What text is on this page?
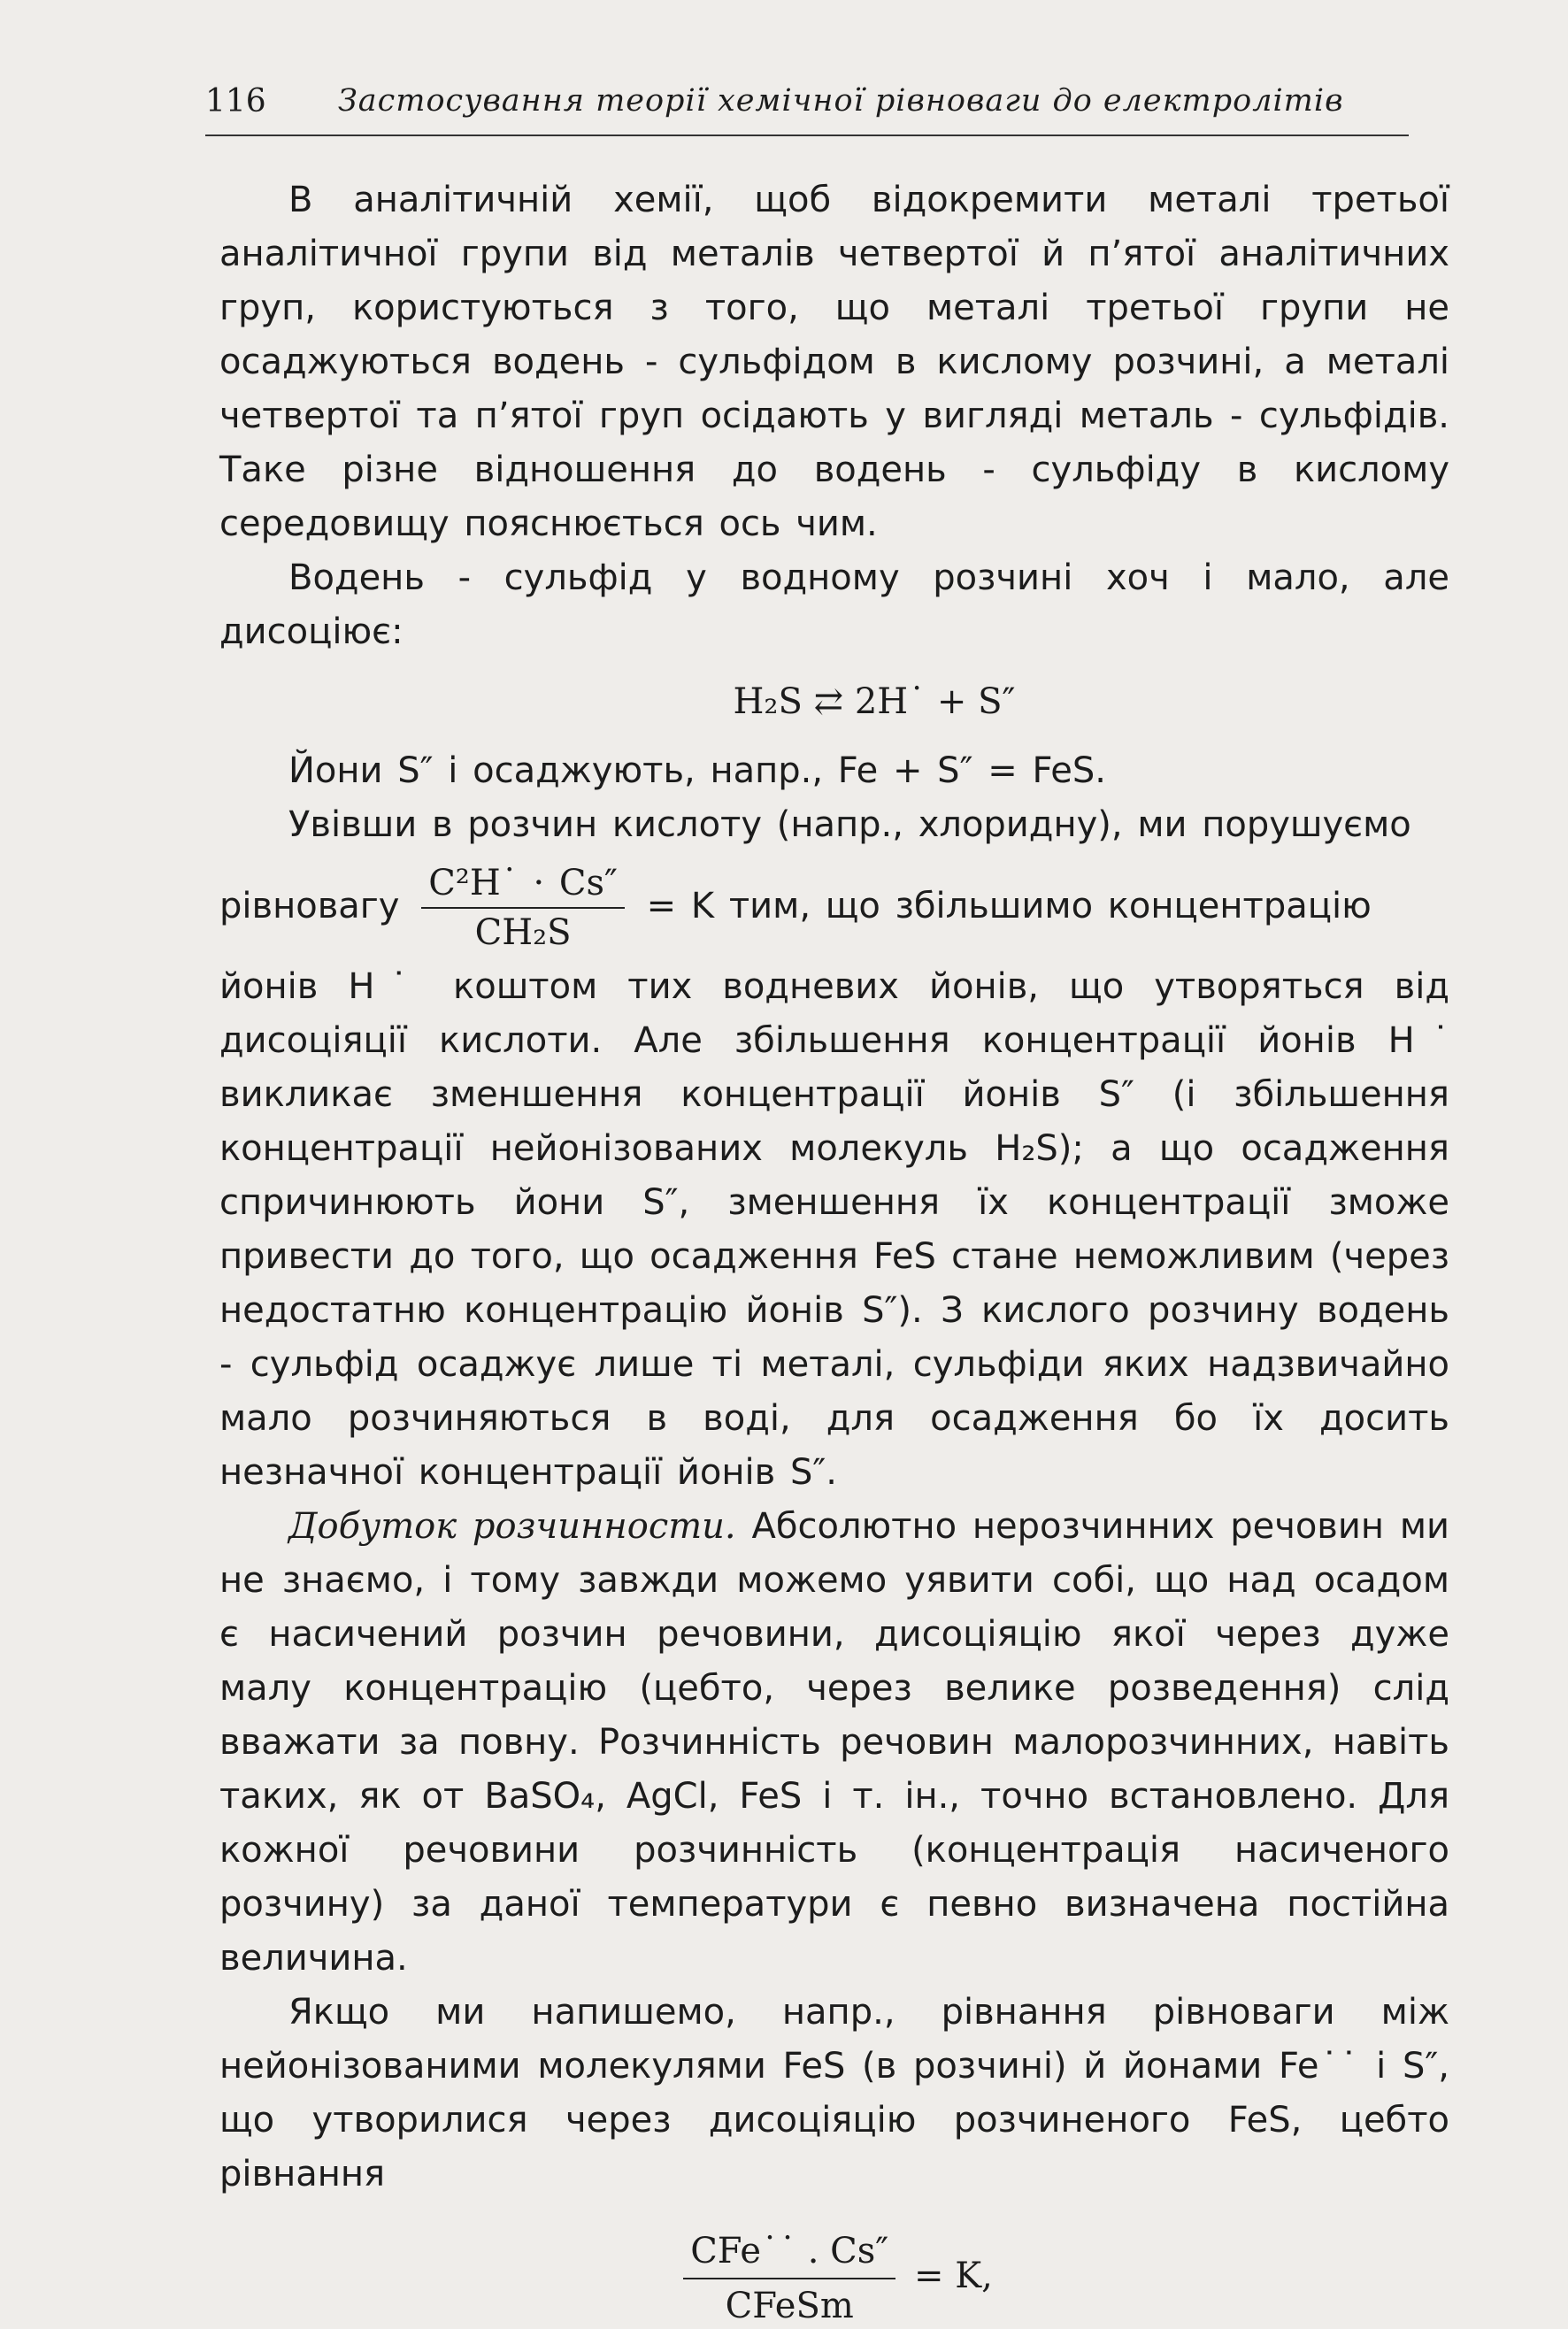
116 Застосування теорії хемічної рівноваги до електролітів

В аналітичній хемії, щоб відокремити металі третьої аналітичної групи від металів четвертої й п’ятої аналітичних груп, користуються з того, що металі третьої групи не осаджуються водень - сульфідом в кислому розчині, а металі четвертої та п’ятої груп осідають у вигляді металь - сульфідів. Таке різне відношення до водень - сульфіду в кислому середовищу пояснюється ось чим.

Водень - сульфід у водному розчині хоч і мало, але дисоціює:

H₂S ⇄ 2H˙ + S″

Йони S″ і осаджують, напр., Fe + S″ = FeS.

Увівши в розчин кислоту (напр., хлоридну), ми порушуємо

рівновагу $\frac{\text{C²H˙ · Cs″}}{\text{CH₂S}} = K$ тим, що збільшимо концентрацію

йонів H˙ коштом тих водневих йонів, що утворяться від дисоціяції кислоти. Але збільшення концентрації йонів H˙ викликає зменшення концентрації йонів S″ (і збільшення концентрації нейонізованих молекуль H₂S); а що осадження спричинюють йони S″, зменшення їх концентрації зможе привести до того, що осадження FeS стане неможливим (через недостатню концентрацію йонів S″). З кислого розчину водень - сульфід осаджує лише ті металі, сульфіди яких надзвичайно мало розчиняються в воді, для осадження бо їх досить незначної концентрації йонів S″.

Добуток розчинности. Абсолютно нерозчинних речовин ми не знаємо, і тому завжди можемо уявити собі, що над осадом є насичений розчин речовини, дисоціяцію якої через дуже малу концентрацію (цебто, через велике розведення) слід вважати за повну. Розчинність речовин малорозчинних, навіть таких, як от BaSO₄, AgCl, FeS і т. ін., точно встановлено. Для кожної речовини розчинність (концентрація насиченого розчину) за даної температури є певно визначена постійна величина.

Якщо ми напишемо, напр., рівнання рівноваги між нейонізованими молекулями FeS (в розчині) й йонами Fe˙˙ і S″, що утворилися через дисоціяцію розчиненого FeS, цебто рівнання

$\frac{\text{CFe˙˙ . Cs″}}{\text{CFeSm}} = K$,
